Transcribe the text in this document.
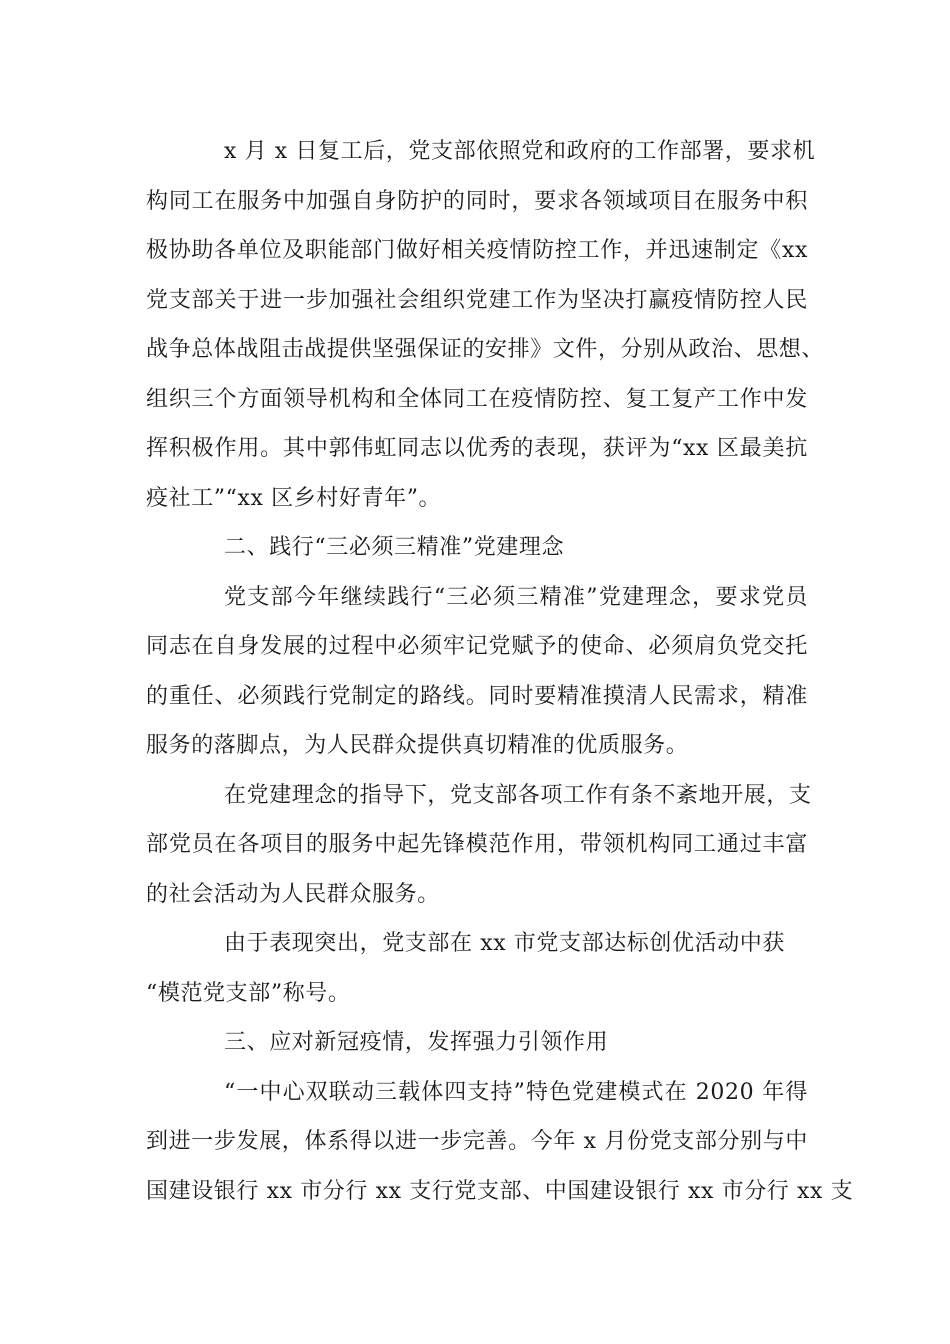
x 月 x 日复工后，党支部依照党和政府的工作部署，要求机
构同工在服务中加强自身防护的同时，要求各领域项目在服务中积
极协助各单位及职能部门做好相关疫情防控工作，并迅速制定《xx
党支部关于进一步加强社会组织党建工作为坚决打赢疫情防控人民
战争总体战阻击战提供坚强保证的安排》文件，分别从政治、思想、
组织三个方面领导机构和全体同工在疫情防控、复工复产工作中发
挥积极作用。其中郭伟虹同志以优秀的表现，获评为“xx 区最美抗
疫社工”“xx 区乡村好青年”。
二、践行“三必须三精准”党建理念
党支部今年继续践行“三必须三精准”党建理念，要求党员
同志在自身发展的过程中必须牢记党赋予的使命、必须肩负党交托
的重任、必须践行党制定的路线。同时要精准摸清人民需求，精准
服务的落脚点，为人民群众提供真切精准的优质服务。
在党建理念的指导下，党支部各项工作有条不紊地开展，支
部党员在各项目的服务中起先锋模范作用，带领机构同工通过丰富
的社会活动为人民群众服务。
由于表现突出，党支部在 xx 市党支部达标创优活动中获
“模范党支部”称号。
三、应对新冠疫情，发挥强力引领作用
“一中心双联动三载体四支持”特色党建模式在 2020 年得
到进一步发展，体系得以进一步完善。今年 x 月份党支部分别与中
国建设银行 xx 市分行 xx 支行党支部、中国建设银行 xx 市分行 xx 支
